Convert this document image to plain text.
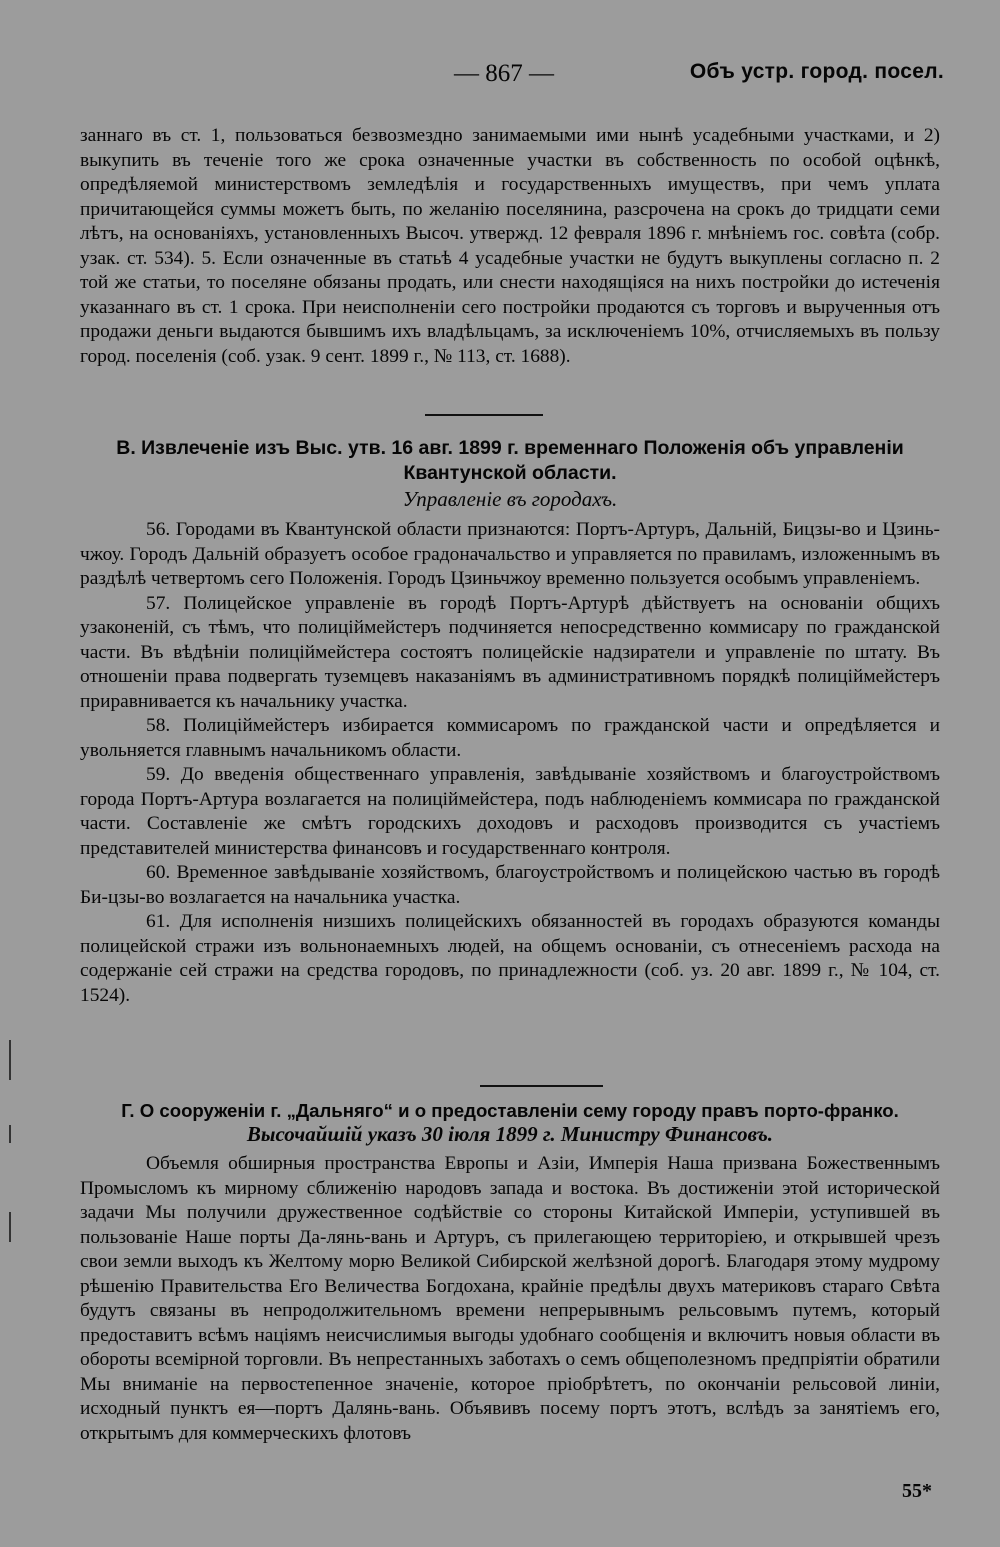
— 867 —	Объ устр. город. посел.

заннаго въ ст. 1, пользоваться безвозмездно занимаемыми ими нынѣ усадебными участками, и 2) выкупить въ теченіе того же срока означенные участки въ собственность по особой оцѣнкѣ, опредѣляемой министерствомъ земледѣлія и государственныхъ имуществъ, при чемъ уплата причитающейся суммы можетъ быть, по желанію поселянина, разсрочена на срокъ до тридцати семи лѣтъ, на основаніяхъ, установленныхъ Высоч. утвержд. 12 февраля 1896 г. мнѣніемъ гос. совѣта (собр. узак. ст. 534). 5. Если означенные въ статьѣ 4 усадебные участки не будутъ выкуплены согласно п. 2 той же статьи, то поселяне обязаны продать, или снести находящіяся на нихъ постройки до истеченія указаннаго въ ст. 1 срока. При неисполненіи сего постройки продаются съ торговъ и вырученныя отъ продажи деньги выдаются бывшимъ ихъ владѣльцамъ, за исключеніемъ 10%, отчисляемыхъ въ пользу город. поселенія (соб. узак. 9 сент. 1899 г., № 113, ст. 1688).

В. Извлеченіе изъ Выс. утв. 16 авг. 1899 г. временнаго Положенія объ управленіи Квантунской области.
Управленіе въ городахъ.

56. Городами въ Квантунской области признаются: Портъ-Артуръ, Дальній, Бицзы-во и Цзинь-чжоу. Городъ Дальній образуетъ особое градоначальство и управляется по правиламъ, изложеннымъ въ раздѣлѣ четвертомъ сего Положенія. Городъ Цзиньчжоу временно пользуется особымъ управленіемъ.

57. Полицейское управленіе въ городѣ Портъ-Артурѣ дѣйствуетъ на основаніи общихъ узаконеній, съ тѣмъ, что полиціймейстеръ подчиняется непосредственно коммисару по гражданской части. Въ вѣдѣніи полиціймейстера состоятъ полицейскіе надзиратели и управленіе по штату. Въ отношеніи права подвергать туземцевъ наказаніямъ въ административномъ порядкѣ полиціймейстеръ приравнивается къ начальнику участка.

58. Полиціймейстеръ избирается коммисаромъ по гражданской части и опредѣляется и увольняется главнымъ начальникомъ области.

59. До введенія общественнаго управленія, завѣдываніе хозяйствомъ и благоустройствомъ города Портъ-Артура возлагается на полиціймейстера, подъ наблюденіемъ коммисара по гражданской части. Составленіе же смѣтъ городскихъ доходовъ и расходовъ производится съ участіемъ представителей министерства финансовъ и государственнаго контроля.

60. Временное завѣдываніе хозяйствомъ, благоустройствомъ и полицейскою частью въ городѣ Би-цзы-во возлагается на начальника участка.

61. Для исполненія низшихъ полицейскихъ обязанностей въ городахъ образуются команды полицейской стражи изъ вольнонаемныхъ людей, на общемъ основаніи, съ отнесеніемъ расхода на содержаніе сей стражи на средства городовъ, по принадлежности (соб. уз. 20 авг. 1899 г., № 104, ст. 1524).

Г. О сооруженіи г. „Дальняго“ и о предоставленіи сему городу правъ порто-франко.
Высочайшій указъ 30 іюля 1899 г. Министру Финансовъ.

Объемля обширныя пространства Европы и Азіи, Имперія Наша призвана Божественнымъ Промысломъ къ мирному сближенію народовъ запада и востока. Въ достиженіи этой исторической задачи Мы получили дружественное содѣйствіе со стороны Китайской Имперіи, уступившей въ пользованіе Наше порты Да-лянь-вань и Артуръ, съ прилегающею территоріею, и открывшей чрезъ свои земли выходъ къ Желтому морю Великой Сибирской желѣзной дорогѣ. Благодаря этому мудрому рѣшенію Правительства Его Величества Богдохана, крайніе предѣлы двухъ материковъ стараго Свѣта будутъ связаны въ непродолжительномъ времени непрерывнымъ рельсовымъ путемъ, который предоставитъ всѣмъ націямъ неисчислимыя выгоды удобнаго сообщенія и включитъ новыя области въ обороты всемірной торговли. Въ непрестанныхъ заботахъ о семъ общеполезномъ предпріятіи обратили Мы вниманіе на первостепенное значеніе, которое пріобрѣтетъ, по окончаніи рельсовой линіи, исходный пунктъ ея—портъ Далянь-вань. Объявивъ посему портъ этотъ, вслѣдъ за занятіемъ его, открытымъ для коммерческихъ флотовъ

55*
